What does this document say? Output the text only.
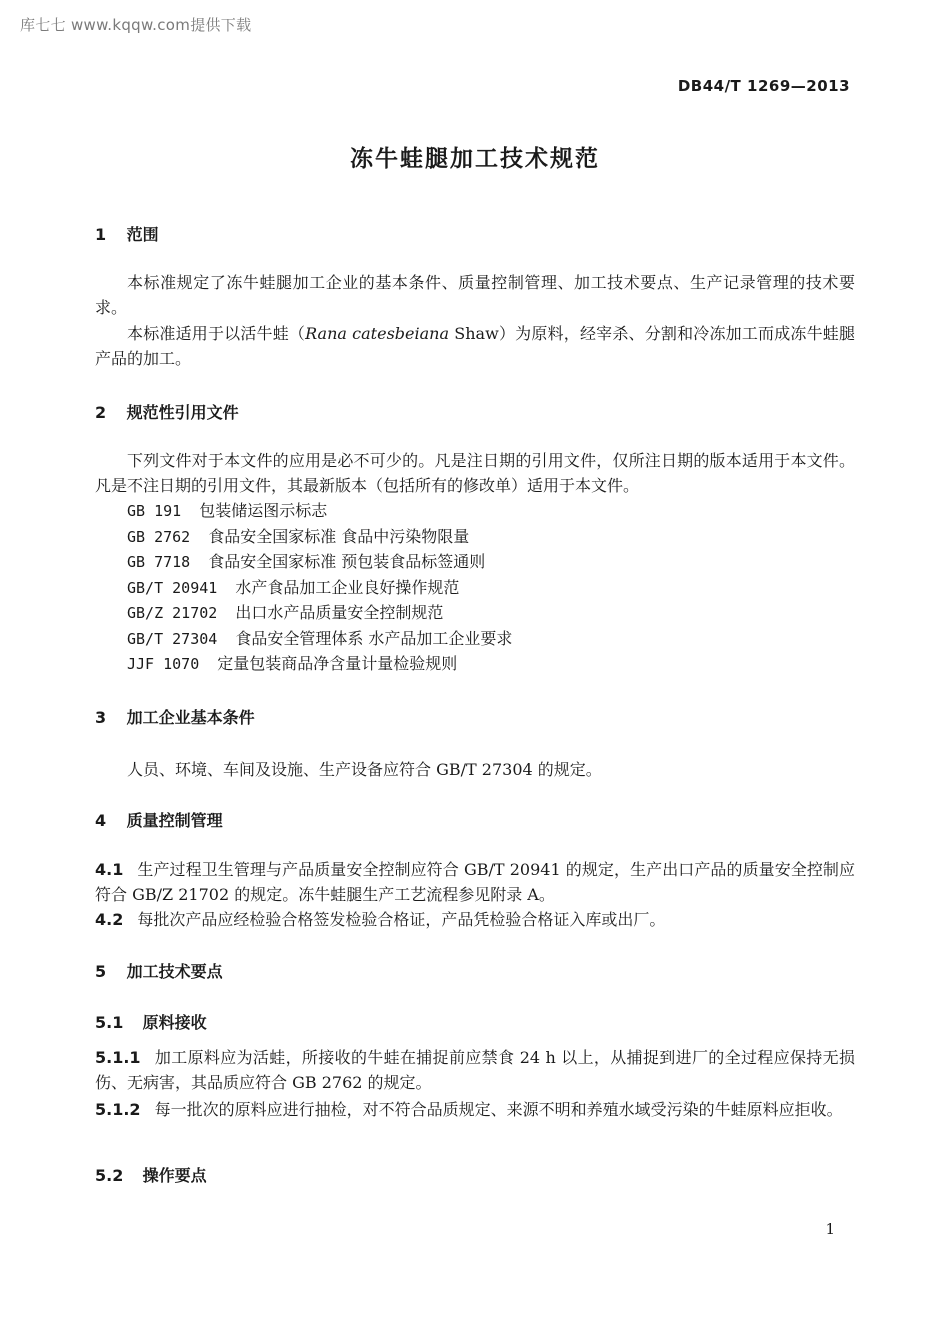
库七七 www.kqqw.com提供下载
DB44/T 1269—2013
冻牛蛙腿加工技术规范
1 范围
本标准规定了冻牛蛙腿加工企业的基本条件、质量控制管理、加工技术要点、生产记录管理的技术要求。
本标准适用于以活牛蛙（Rana catesbeiana Shaw）为原料，经宰杀、分割和冷冻加工而成冻牛蛙腿产品的加工。
2 规范性引用文件
下列文件对于本文件的应用是必不可少的。凡是注日期的引用文件，仅所注日期的版本适用于本文件。凡是不注日期的引用文件，其最新版本（包括所有的修改单）适用于本文件。
GB 191 包装储运图示标志
GB 2762 食品安全国家标准 食品中污染物限量
GB 7718 食品安全国家标准 预包装食品标签通则
GB/T 20941 水产食品加工企业良好操作规范
GB/Z 21702 出口水产品质量安全控制规范
GB/T 27304 食品安全管理体系 水产品加工企业要求
JJF 1070 定量包装商品净含量计量检验规则
3 加工企业基本条件
人员、环境、车间及设施、生产设备应符合 GB/T 27304 的规定。
4 质量控制管理
4.1 生产过程卫生管理与产品质量安全控制应符合 GB/T 20941 的规定，生产出口产品的质量安全控制应符合 GB/Z 21702 的规定。冻牛蛙腿生产工艺流程参见附录 A。
4.2 每批次产品应经检验合格签发检验合格证，产品凭检验合格证入库或出厂。
5 加工技术要点
5.1 原料接收
5.1.1 加工原料应为活蛙，所接收的牛蛙在捕捉前应禁食 24 h 以上，从捕捉到进厂的全过程应保持无损伤、无病害，其品质应符合 GB 2762 的规定。
5.1.2 每一批次的原料应进行抽检，对不符合品质规定、来源不明和养殖水域受污染的牛蛙原料应拒收。
5.2 操作要点
1
